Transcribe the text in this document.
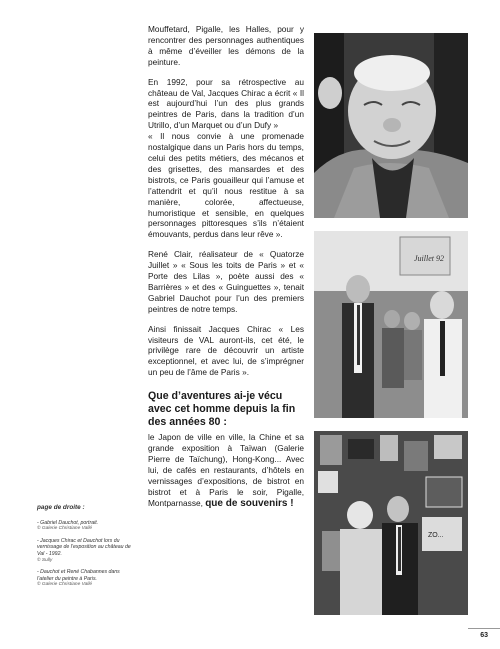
Mouffetard, Pigalle, les Halles, pour y rencontrer des personnages authentiques à même d’éveiller les démons de la peinture.

En 1992, pour sa rétrospective au château de Val, Jacques Chirac a écrit « Il est aujourd’hui l’un des plus grands peintres de Paris, dans la tradition d’un Utrillo, d’un Marquet ou d’un Dufy »

« Il nous convie à une promenade nostalgique dans un Paris hors du temps, celui des petits métiers, des mécanos et des grisettes, des mansardes et des bistrots, ce Paris gouailleur qui l’amuse et l’attendrit et qu’il nous restitue à sa manière, colorée, affectueuse, humoristique et sensible, en quelques personnages pittoresques s’ils n’étaient émouvants, perdus dans leur rêve ».

René Clair, réalisateur de « Quatorze Juillet » « Sous les toits de Paris » et « Porte des Lilas », poète aussi des « Barrières » et des « Guinguettes », tenait Gabriel Dauchot pour l’un des premiers peintres de notre temps.

Ainsi finissait Jacques Chirac « Les visiteurs de VAL auront-ils, cet été, le privilège rare de découvrir un artiste exceptionnel, et avec lui, de s’imprégner un peu de l’âme de Paris ».

Que d’aventures ai-je vécu avec cet homme depuis la fin des années 80 :

le Japon de ville en ville, la Chine et sa grande exposition à Taïwan (Galerie Pierre de Taïchung), Hong-Kong... Avec lui, de cafés en restaurants, d’hôtels en vernissages d’expositions, de bistrot en bistrot et à Paris le soir, Pigalle, Montparnasse, que de souvenirs !

page de droite :
- Gabriel Dauchot, portrait.
© Galerie Christiane Vallé
- Jacques Chirac et Dauchot lors du vernissage de l’exposition au château de Val - 1992.
© Sully
- Dauchot et René Chabannes dans l’atelier du peintre à Paris.
© Galerie Christiane Vallé
Juillet 92
ZO...
63
